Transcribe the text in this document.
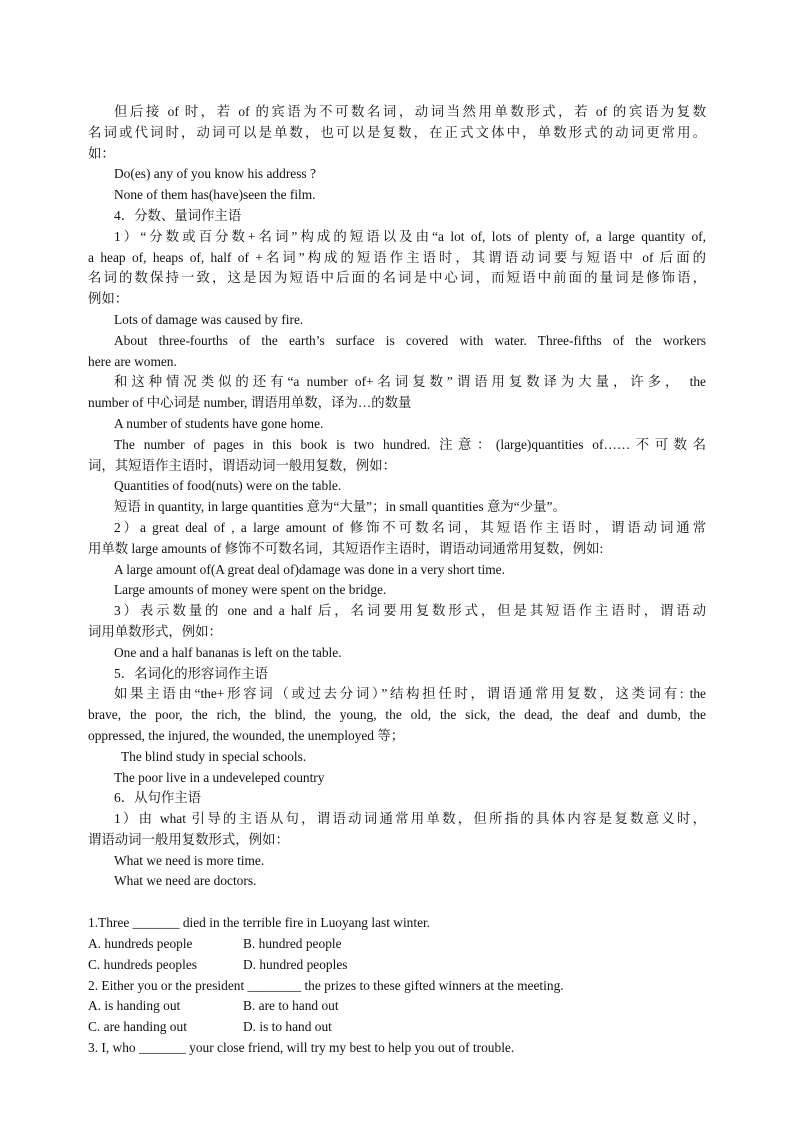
但后接 of 时，若 of 的宾语为不可数名词，动词当然用单数形式，若 of 的宾语为复数

名词或代词时，动词可以是单数，也可以是复数，在正式文体中，单数形式的动词更常用。

如：

Do(es) any of you know his address ?

None of them has(have)seen the film.

4．分数、量词作主语

1）“分数或百分数+名词”构成的短语以及由“a lot of, lots of plenty of, a large quantity of,

a heap of, heaps of, half of +名词”构成的短语作主语时，其谓语动词要与短语中 of 后面的

名词的数保持一致，这是因为短语中后面的名词是中心词，而短语中前面的量词是修饰语，

例如：

Lots of damage was caused by fire.

About three-fourths of the earth’s surface is covered with water. Three-fifths of the workers

here are women.

和这种情况类似的还有“a number of+名词复数”谓语用复数译为大量，许多， the

number of 中心词是 number, 谓语用单数，译为…的数量

A number of students have gone home.

The number of pages in this book is two hundred. 注意：(large)quantities of……不可数名

词，其短语作主语时，谓语动词一般用复数，例如：

Quantities of food(nuts) were on the table.

短语 in quantity, in large quantities 意为“大量”；in small quantities 意为“少量”。

2）a great deal of , a large amount of 修饰不可数名词，其短语作主语时，谓语动词通常

用单数 large amounts of 修饰不可数名词，其短语作主语时，谓语动词通常用复数，例如:

A large amount of(A great deal of)damage was done in a very short time.

Large amounts of money were spent on the bridge.

3）表示数量的 one and a half 后，名词要用复数形式，但是其短语作主语时，谓语动

词用单数形式，例如：

One and a half bananas is left on the table.

5．名词化的形容词作主语

如果主语由“the+形容词（或过去分词）”结构担任时，谓语通常用复数，这类词有: the

brave, the poor, the rich, the blind, the young, the old, the sick, the dead, the deaf and dumb, the

oppressed, the injured, the wounded, the unemployed 等；

The blind study in special schools.

The poor live in a undeveleped country

6．从句作主语

1）由 what 引导的主语从句，谓语动词通常用单数，但所指的具体内容是复数意义时，

谓语动词一般用复数形式，例如：

What we need is more time.

What we need are doctors.

1.Three _______ died in the terrible fire in Luoyang last winter.

A. hundreds people	B. hundred people

C. hundreds peoples	D. hundred peoples

2. Either you or the president ________ the prizes to these gifted winners at the meeting.

A. is handing out	B. are to hand out

C. are handing out	D. is to hand out

3. I, who _______ your close friend, will try my best to help you out of trouble.
